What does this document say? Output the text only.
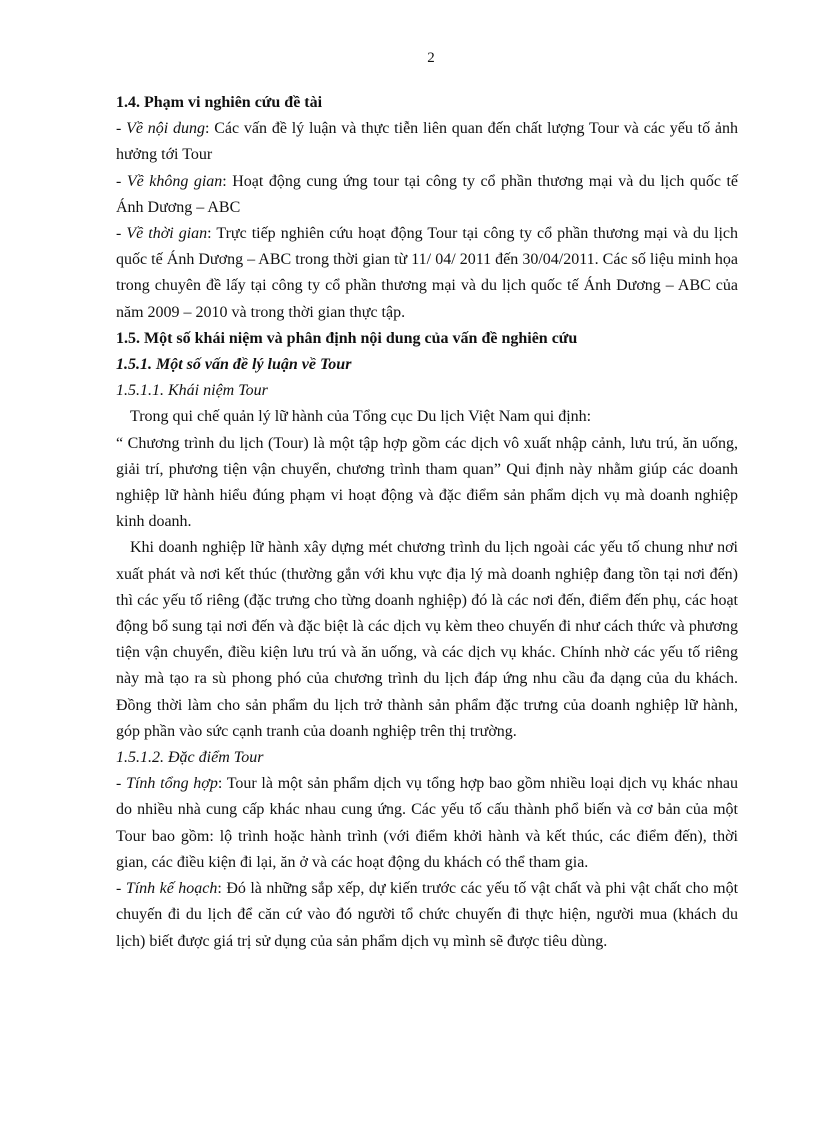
2

1.4. Phạm vi nghiên cứu đề tài

- Về nội dung: Các vấn đề lý luận và thực tiễn liên quan đến chất lượng Tour và các yếu tố ảnh hưởng tới Tour

- Về không gian: Hoạt động cung ứng tour tại công ty cổ phần thương mại và du lịch quốc tế Ánh Dương – ABC

- Về thời gian: Trực tiếp nghiên cứu hoạt động Tour tại công ty cổ phần thương mại và du lịch quốc tế Ánh Dương – ABC trong thời gian từ 11/ 04/ 2011 đến 30/04/2011. Các số liệu minh họa trong chuyên đề lấy tại công ty cổ phần thương mại và du lịch quốc tế Ánh Dương – ABC của năm 2009 – 2010 và trong thời gian thực tập.

1.5. Một số khái niệm và phân định nội dung của vấn đề nghiên cứu

1.5.1. Một số vấn đề lý luận về Tour

1.5.1.1. Khái niệm Tour

Trong qui chế quản lý lữ hành của Tổng cục Du lịch Việt Nam qui định:

“ Chương trình du lịch (Tour) là một tập hợp gồm các dịch vô xuất nhập cảnh, lưu trú, ăn uống, giải trí, phương tiện vận chuyển, chương trình tham quan” Qui định này nhằm giúp các doanh nghiệp lữ hành hiểu đúng phạm vi hoạt động và đặc điểm sản phẩm dịch vụ mà doanh nghiệp kinh doanh.

Khi doanh nghiệp lữ hành xây dựng mét chương trình du lịch ngoài các yếu tố chung như nơi xuất phát và nơi kết thúc (thường gắn với khu vực địa lý mà doanh nghiệp đang tồn tại nơi đến) thì các yếu tố riêng (đặc trưng cho từng doanh nghiệp) đó là các nơi đến, điểm đến phụ, các hoạt động bổ sung tại nơi đến và đặc biệt là các dịch vụ kèm theo chuyến đi như cách thức và phương tiện vận chuyển, điều kiện lưu trú và ăn uống, và các dịch vụ khác. Chính nhờ các yếu tố riêng này mà tạo ra sù phong phó của chương trình du lịch đáp ứng nhu cầu đa dạng của du khách. Đồng thời làm cho sản phẩm du lịch trở thành sản phẩm đặc trưng của doanh nghiệp lữ hành, góp phần vào sức cạnh tranh của doanh nghiệp trên thị trường.

1.5.1.2. Đặc điểm Tour

- Tính tổng hợp: Tour là một sản phẩm dịch vụ tổng hợp bao gồm nhiều loại dịch vụ khác nhau do nhiều nhà cung cấp khác nhau cung ứng. Các yếu tố cấu thành phổ biến và cơ bản của một Tour bao gồm: lộ trình hoặc hành trình (với điểm khởi hành và kết thúc, các điểm đến), thời gian, các điều kiện đi lại, ăn ở và các hoạt động du khách có thể tham gia.

- Tính kế hoạch: Đó là những sắp xếp, dự kiến trước các yếu tố vật chất và phi vật chất cho một chuyến đi du lịch để căn cứ vào đó người tổ chức chuyến đi thực hiện, người mua (khách du lịch) biết được giá trị sử dụng của sản phẩm dịch vụ mình sẽ được tiêu dùng.
